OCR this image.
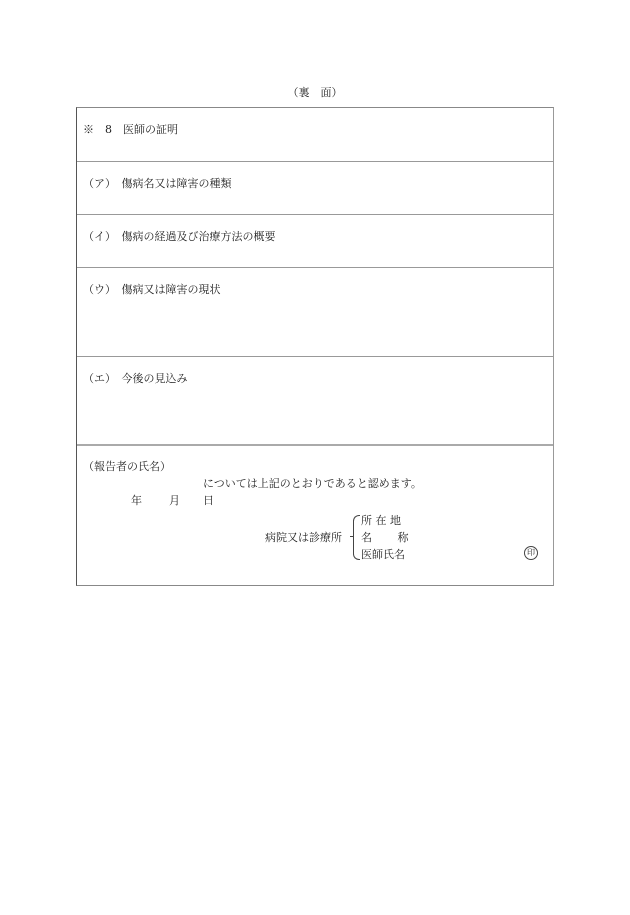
（裏　面）
※　8　医師の証明
（ア）　傷病名又は障害の種類
（イ）　傷病の経過及び治療方法の概要
（ウ）　傷病又は障害の現状
（エ）　今後の見込み
（報告者の氏名）
については上記のとおりであると認めます。
年 月 日
病院又は診療所
所 在 地
名　　 称
医師氏名	印
